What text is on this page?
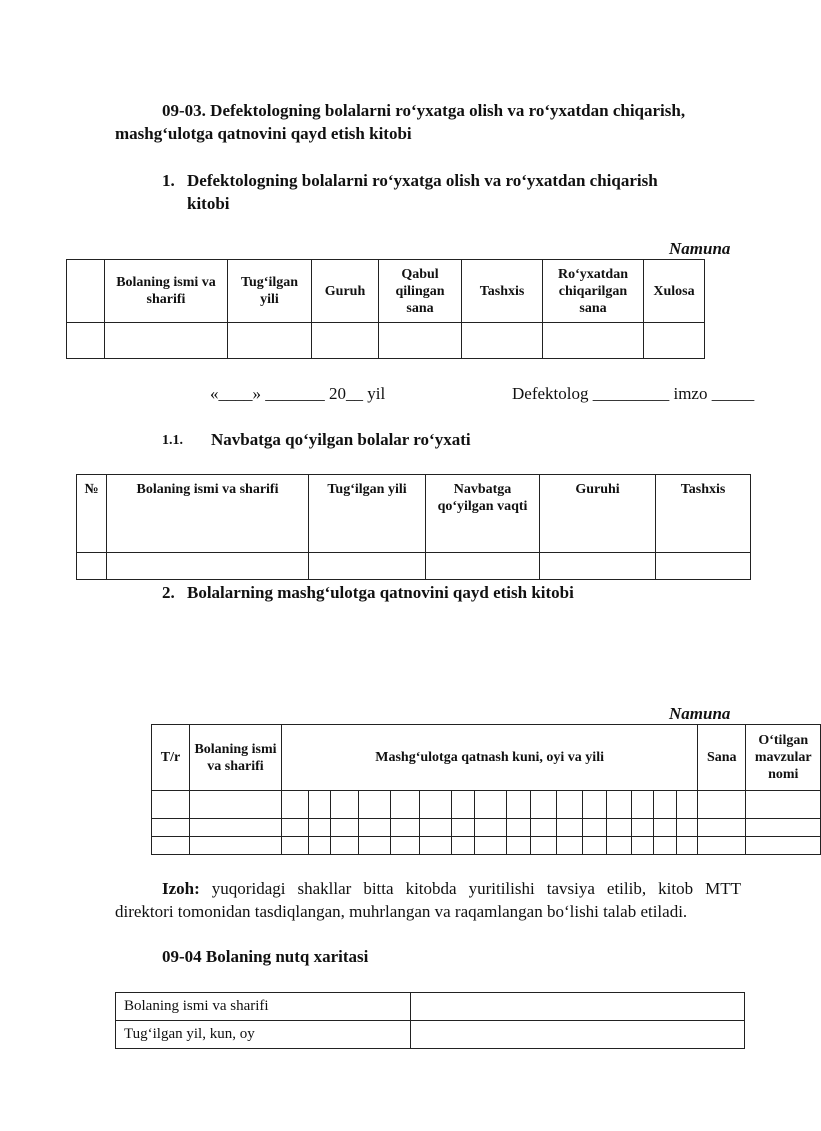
09-03. Defektologning bolalarni ro‘yxatga olish va ro‘yxatdan chiqarish,
mashg‘ulotga qatnovini qayd etish kitobi
1. Defektologning bolalarni ro‘yxatga olish va ro‘yxatdan chiqarish
kitobi
Namuna
	Bolaning ismi va sharifi	Tug‘ilgan yili	Guruh	Qabul qilingan sana	Tashxis	Ro‘yxatdan chiqarilgan sana	Xulosa

«____» _______ 20__ yil	Defektolog _________ imzo _____
1.1. Navbatga qo‘yilgan bolalar ro‘yxati
№	Bolaning ismi va sharifi	Tug‘ilgan yili	Navbatga qo‘yilgan vaqti	Guruhi	Tashxis

2. Bolalarning mashg‘ulotga qatnovini qayd etish kitobi
Namuna
T/r	Bolaning ismi va sharifi	Mashg‘ulotga qatnash kuni, oyi va yili																Sana	O‘tilgan mavzular nomi

Izoh: yuqoridagi shakllar bitta kitobda yuritilishi tavsiya etilib, kitob MTT
direktori tomonidan tasdiqlangan, muhrlangan va raqamlangan bo‘lishi talab etiladi.
09-04 Bolaning nutq xaritasi
Bolaning ismi va sharifi	
Tug‘ilgan yil, kun, oy	
